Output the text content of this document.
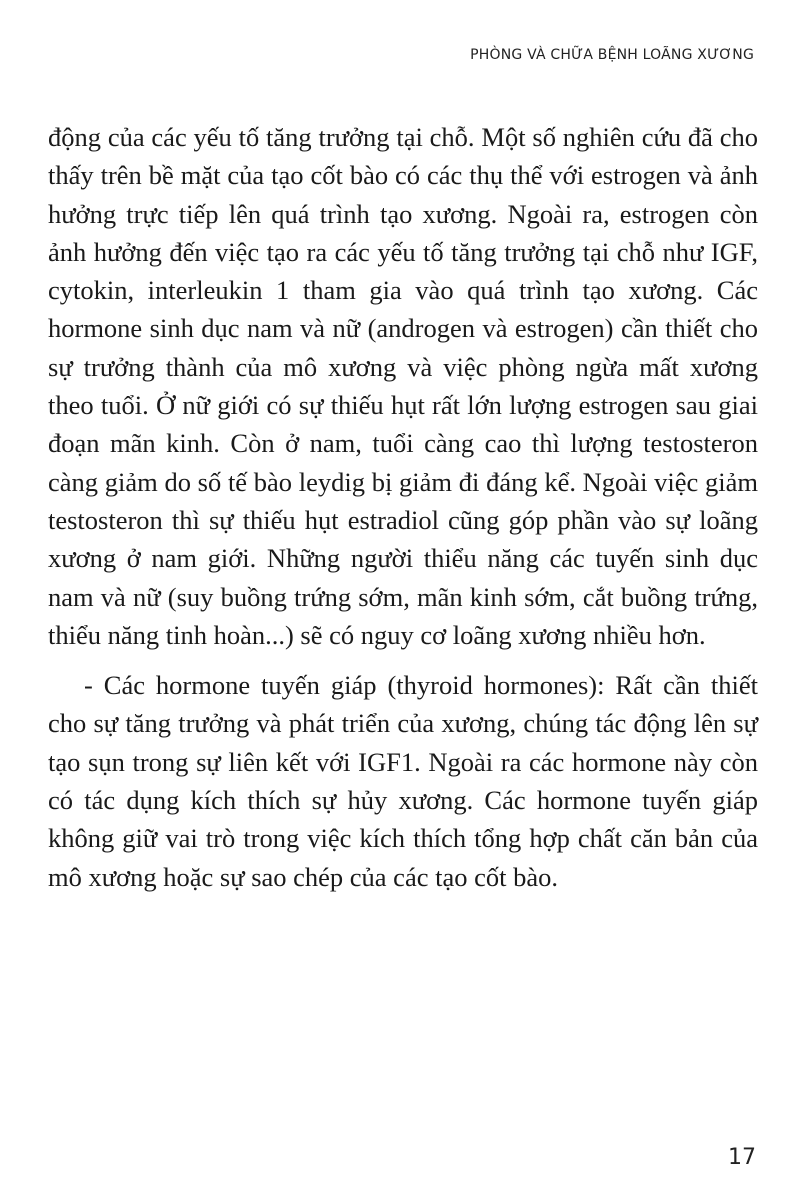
PHÒNG VÀ CHỮA BỆNH LOÃNG XƯƠNG

động của các yếu tố tăng trưởng tại chỗ. Một số nghiên cứu đã cho thấy trên bề mặt của tạo cốt bào có các thụ thể với estrogen và ảnh hưởng trực tiếp lên quá trình tạo xương. Ngoài ra, estrogen còn ảnh hưởng đến việc tạo ra các yếu tố tăng trưởng tại chỗ như IGF, cytokin, interleukin 1 tham gia vào quá trình tạo xương. Các hormone sinh dục nam và nữ (androgen và estrogen) cần thiết cho sự trưởng thành của mô xương và việc phòng ngừa mất xương theo tuổi. Ở nữ giới có sự thiếu hụt rất lớn lượng estrogen sau giai đoạn mãn kinh. Còn ở nam, tuổi càng cao thì lượng testosteron càng giảm do số tế bào leydig bị giảm đi đáng kể. Ngoài việc giảm testosteron thì sự thiếu hụt estradiol cũng góp phần vào sự loãng xương ở nam giới. Những người thiểu năng các tuyến sinh dục nam và nữ (suy buồng trứng sớm, mãn kinh sớm, cắt buồng trứng, thiểu năng tinh hoàn...) sẽ có nguy cơ loãng xương nhiều hơn.

- Các hormone tuyến giáp (thyroid hormones): Rất cần thiết cho sự tăng trưởng và phát triển của xương, chúng tác động lên sự tạo sụn trong sự liên kết với IGF1. Ngoài ra các hormone này còn có tác dụng kích thích sự hủy xương. Các hormone tuyến giáp không giữ vai trò trong việc kích thích tổng hợp chất căn bản của mô xương hoặc sự sao chép của các tạo cốt bào.

17
